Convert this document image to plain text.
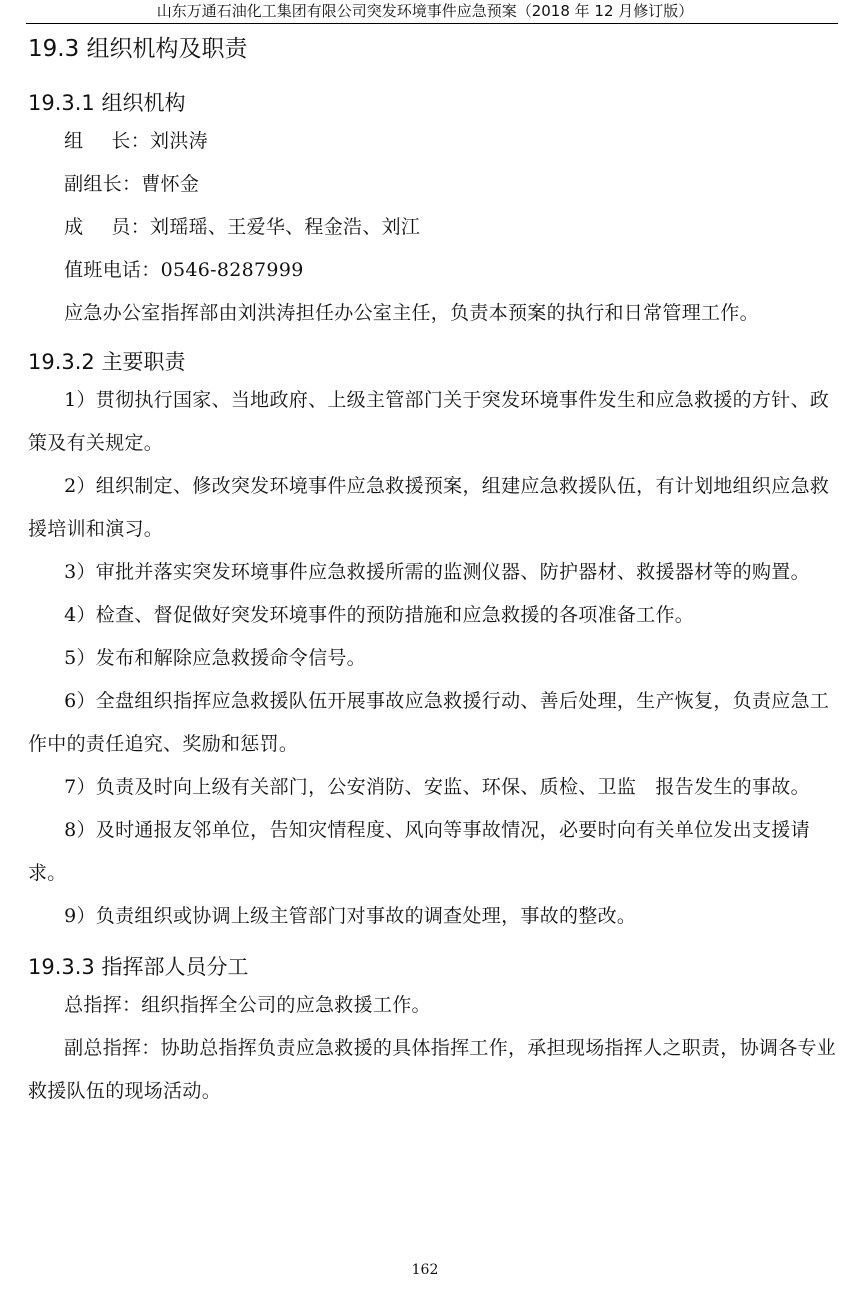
山东万通石油化工集团有限公司突发环境事件应急预案（2018 年 12 月修订版）
19.3 组织机构及职责
19.3.1 组织机构

组 长：刘洪涛

副组长：曹怀金

成 员：刘瑶瑶、王爱华、程金浩、刘江

值班电话：0546-8287999

应急办公室指挥部由刘洪涛担任办公室主任，负责本预案的执行和日常管理工作。

19.3.2 主要职责

1）贯彻执行国家、当地政府、上级主管部门关于突发环境事件发生和应急救援的方针、政策及有关规定。

2）组织制定、修改突发环境事件应急救援预案，组建应急救援队伍，有计划地组织应急救援培训和演习。

3）审批并落实突发环境事件应急救援所需的监测仪器、防护器材、救援器材等的购置。

4）检查、督促做好突发环境事件的预防措施和应急救援的各项准备工作。

5）发布和解除应急救援命令信号。

6）全盘组织指挥应急救援队伍开展事故应急救援行动、善后处理，生产恢复，负责应急工作中的责任追究、奖励和惩罚。

7）负责及时向上级有关部门，公安消防、安监、环保、质检、卫监　报告发生的事故。

8）及时通报友邻单位，告知灾情程度、风向等事故情况，必要时向有关单位发出支援请求。

9）负责组织或协调上级主管部门对事故的调查处理，事故的整改。

19.3.3 指挥部人员分工

总指挥：组织指挥全公司的应急救援工作。

副总指挥：协助总指挥负责应急救援的具体指挥工作，承担现场指挥人之职责，协调各专业救援队伍的现场活动。

162
